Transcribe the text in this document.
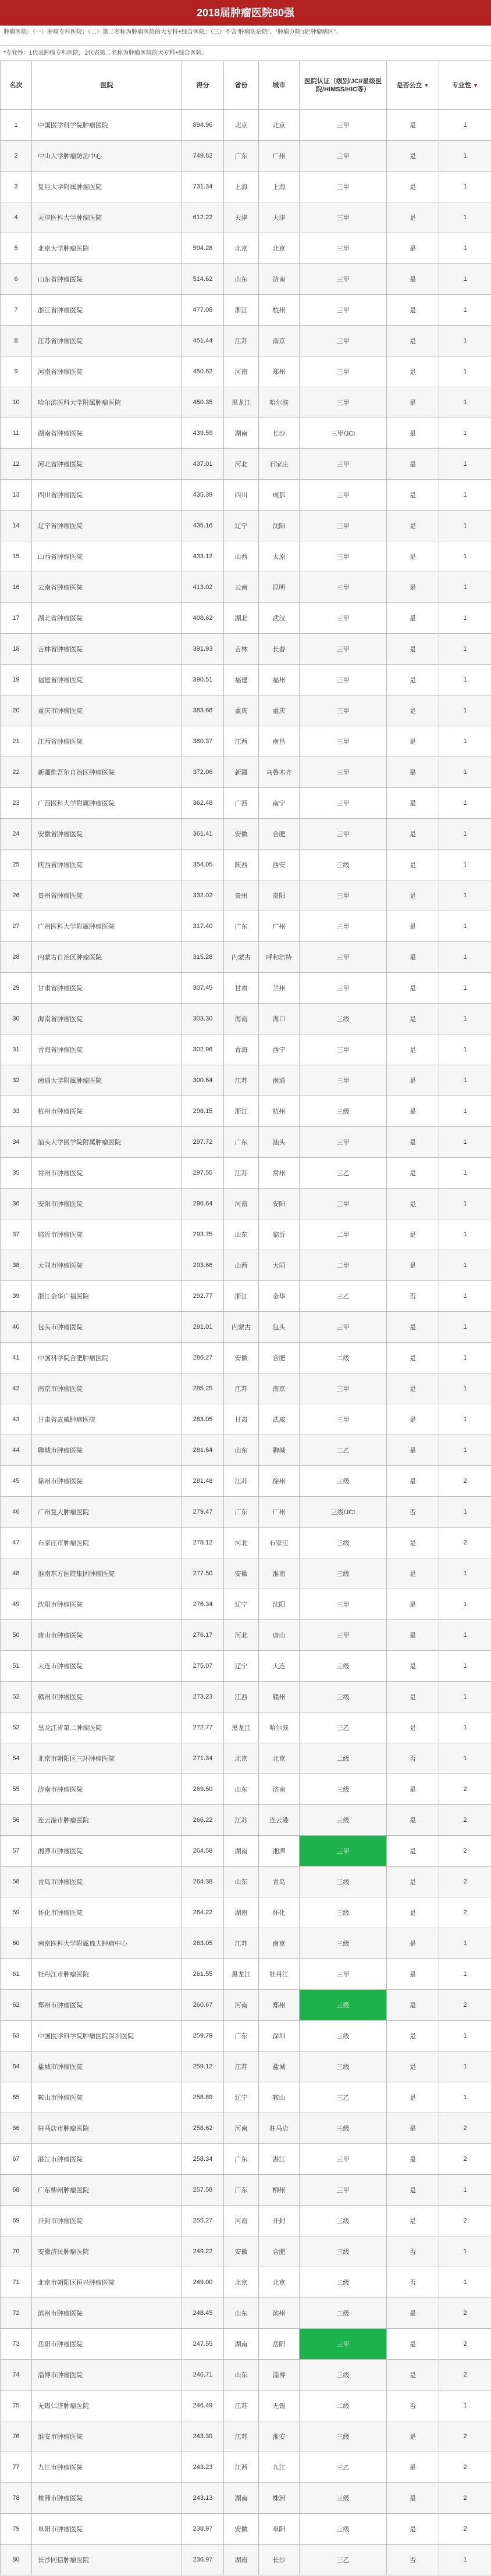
2018届肿瘤医院80强
肿瘤医院：（一）肿瘤专科医院；（二）第二名称为肿瘤医院的大专科+综合医院；（三）不含“肿瘤防治院”、“肿瘤分院”或“肿瘤病区”。
*专业性：1代表肿瘤专科医院，2代表第二名称为肿瘤医院的大专科+综合医院。
名次	医院	得分	省份	城市	医院认证（级别/JCI/星级医院/HIMSS/HIC等）	是否公立 ▼	专业性 ▼
1	中国医学科学院肿瘤医院	894.96	北京	北京	三甲	是	1
2	中山大学肿瘤防治中心	749.62	广东	广州	三甲	是	1
3	复旦大学附属肿瘤医院	731.34	上海	上海	三甲	是	1
4	天津医科大学肿瘤医院	612.22	天津	天津	三甲	是	1
5	北京大学肿瘤医院	594.28	北京	北京	三甲	是	1
6	山东省肿瘤医院	514.62	山东	济南	三甲	是	1
7	浙江省肿瘤医院	477.08	浙江	杭州	三甲	是	1
8	江苏省肿瘤医院	451.44	江苏	南京	三甲	是	1
9	河南省肿瘤医院	450.62	河南	郑州	三甲	是	1
10	哈尔滨医科大学附属肿瘤医院	450.35	黑龙江	哈尔滨	三甲	是	1
11	湖南省肿瘤医院	439.59	湖南	长沙	三甲/JCI	是	1
12	河北省肿瘤医院	437.01	河北	石家庄	三甲	是	1
13	四川省肿瘤医院	435.39	四川	成都	三甲	是	1
14	辽宁省肿瘤医院	435.16	辽宁	沈阳	三甲	是	1
15	山西省肿瘤医院	433.12	山西	太原	三甲	是	1
16	云南省肿瘤医院	413.02	云南	昆明	三甲	是	1
17	湖北省肿瘤医院	408.62	湖北	武汉	三甲	是	1
18	吉林省肿瘤医院	391.93	吉林	长春	三甲	是	1
19	福建省肿瘤医院	390.51	福建	福州	三甲	是	1
20	重庆市肿瘤医院	383.66	重庆	重庆	三甲	是	1
21	江西省肿瘤医院	380.37	江西	南昌	三甲	是	1
22	新疆维吾尔自治区肿瘤医院	372.06	新疆	乌鲁木齐	三甲	是	1
23	广西医科大学附属肿瘤医院	362.48	广西	南宁	三甲	是	1
24	安徽省肿瘤医院	361.41	安徽	合肥	三甲	是	1
25	陕西省肿瘤医院	354.05	陕西	西安	三级	是	1
26	贵州省肿瘤医院	332.02	贵州	贵阳	三甲	是	1
27	广州医科大学附属肿瘤医院	317.40	广东	广州	三甲	是	1
28	内蒙古自治区肿瘤医院	315.28	内蒙古	呼和浩特	三甲	是	1
29	甘肃省肿瘤医院	307.45	甘肃	兰州	三甲	是	1
30	海南省肿瘤医院	303.30	海南	海口	三级	是	1
31	青海省肿瘤医院	302.96	青海	西宁	三甲	是	1
32	南通大学附属肿瘤医院	300.64	江苏	南通	三甲	是	1
33	杭州市肿瘤医院	298.15	浙江	杭州	三级	是	1
34	汕头大学医学院附属肿瘤医院	297.72	广东	汕头	三甲	是	1
35	常州市肿瘤医院	297.55	江苏	常州	三乙	是	1
36	安阳市肿瘤医院	296.64	河南	安阳	三甲	是	1
37	临沂市肿瘤医院	293.75	山东	临沂	二甲	是	1
38	大同市肿瘤医院	293.66	山西	大同	二甲	是	1
39	浙江金华广福医院	292.77	浙江	金华	三乙	否	1
40	包头市肿瘤医院	291.01	内蒙古	包头	三甲	是	1
41	中国科学院合肥肿瘤医院	286.27	安徽	合肥	二级	是	1
42	南京市肿瘤医院	285.25	江苏	南京	三甲	是	1
43	甘肃省武威肿瘤医院	283.05	甘肃	武威	三甲	是	1
44	聊城市肿瘤医院	281.64	山东	聊城	二乙	是	1
45	徐州市肿瘤医院	281.48	江苏	徐州	三级	是	2
46	广州复大肿瘤医院	279.47	广东	广州	三级/JCI	否	1
47	石家庄市肿瘤医院	278.12	河北	石家庄	三级	是	2
48	淮南东方医院集团肿瘤医院	277.50	安徽	淮南	三级	是	1
49	沈阳市肿瘤医院	276.34	辽宁	沈阳	三甲	是	1
50	唐山市肿瘤医院	276.17	河北	唐山	三甲	是	1
51	大连市肿瘤医院	275.07	辽宁	大连	三级	是	1
52	赣州市肿瘤医院	273.23	江西	赣州	三级	是	1
53	黑龙江省第二肿瘤医院	272.77	黑龙江	哈尔滨	三乙	是	1
54	北京市朝阳区三环肿瘤医院	271.34	北京	北京	二级	否	1
55	济南市肿瘤医院	269.60	山东	济南	三级	是	2
56	连云港市肿瘤医院	266.22	江苏	连云港	三级	是	2
57	湘潭市肿瘤医院	264.58	湖南	湘潭	三甲	是	2
58	青岛市肿瘤医院	264.38	山东	青岛	三级	是	2
59	怀化市肿瘤医院	264.22	湖南	怀化	三级	是	2
60	南京医科大学附属逸夫肿瘤中心	263.05	江苏	南京	三级	是	1
61	牡丹江市肿瘤医院	261.55	黑龙江	牡丹江	三甲	是	1
62	郑州市肿瘤医院	260.67	河南	郑州	三级	是	2
63	中国医学科学院肿瘤医院深圳医院	259.79	广东	深圳	三级	是	1
64	盐城市肿瘤医院	259.12	江苏	盐城	三级	是	1
65	鞍山市肿瘤医院	258.89	辽宁	鞍山	三乙	是	1
66	驻马店市肿瘤医院	258.62	河南	驻马店	三级	是	2
67	湛江市肿瘤医院	258.34	广东	湛江	三甲	是	2
68	广东柳州肿瘤医院	257.58	广东	柳州	三甲	是	1
69	开封市肿瘤医院	255.27	河南	开封	三级	是	2
70	安徽济民肿瘤医院	249.22	安徽	合肥	三级	否	1
71	北京市朝阳区桓兴肿瘤医院	249.00	北京	北京	二级	否	1
72	滨州市肿瘤医院	248.45	山东	滨州	二级	是	2
73	岳阳市肿瘤医院	247.55	湖南	岳阳	三甲	是	2
74	淄博市肿瘤医院	246.71	山东	淄博	三级	是	2
75	无锡仁济肿瘤医院	246.49	江苏	无锡	二级	否	1
76	淮安市肿瘤医院	243.39	江苏	淮安	三级	是	2
77	九江市肿瘤医院	243.23	江西	九江	三乙	是	2
78	株洲市肿瘤医院	243.13	湖南	株洲	三级	是	2
79	阜阳市肿瘤医院	238.97	安徽	阜阳	三级	是	2
80	长沙同信肿瘤医院	236.97	湖南	长沙	三乙	否	1
